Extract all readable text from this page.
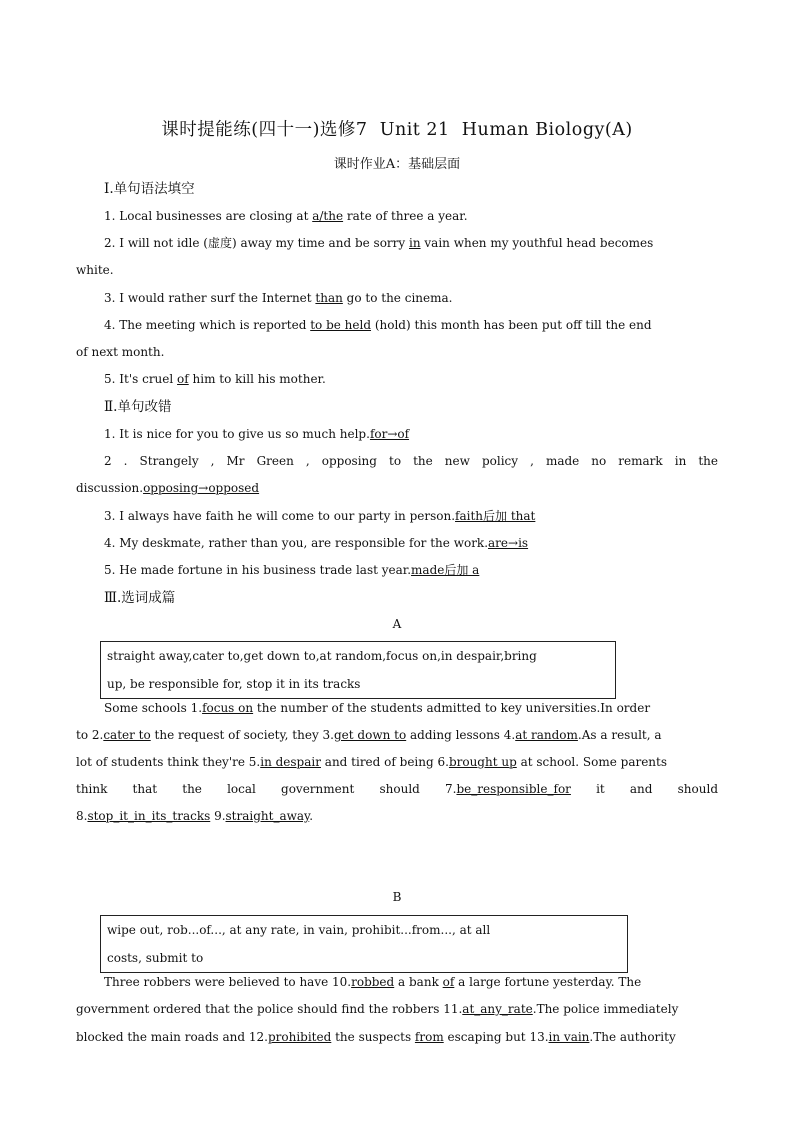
课时提能练(四十一)选修7  Unit 21  Human Biology(A)
课时作业A：基础层面
Ⅰ.单句语法填空
1. Local businesses are closing at a/the rate of three a year.
2. I will not idle (虚度) away my time and be sorry in vain when my youthful head becomes
white.
3. I would rather surf the Internet than go to the cinema.
4. The meeting which is reported to be held (hold) this month has been put off till the end
of next month.
5. It's cruel of him to kill his mother.
Ⅱ.单句改错
1. It is nice for you to give us so much help.for→of
2 . Strangely , Mr Green , opposing to the new policy , made no remark in the
discussion.opposing→opposed
3. I always have faith he will come to our party in person.faith后加 that
4. My deskmate, rather than you, are responsible for the work.are→is
5. He made fortune in his business trade last year.made后加 a
Ⅲ.选词成篇
A
straight away,cater to,get down to,at random,focus on,in despair,bring
up, be responsible for, stop it in its tracks
Some schools 1.focus on the number of the students admitted to key universities.In order
to 2.cater to the request of society, they 3.get down to adding lessons 4.at random.As a result, a
lot of students think they're 5.in despair and tired of being 6.brought up at school. Some parents
think that the local government should 7.be_responsible_for it and should
8.stop_it_in_its_tracks 9.straight_away.
B
wipe out, rob...of..., at any rate, in vain, prohibit...from..., at all
costs, submit to
Three robbers were believed to have 10.robbed a bank of a large fortune yesterday. The
government ordered that the police should find the robbers 11.at_any_rate.The police immediately
blocked the main roads and 12.prohibited the suspects from escaping but 13.in vain.The authority
